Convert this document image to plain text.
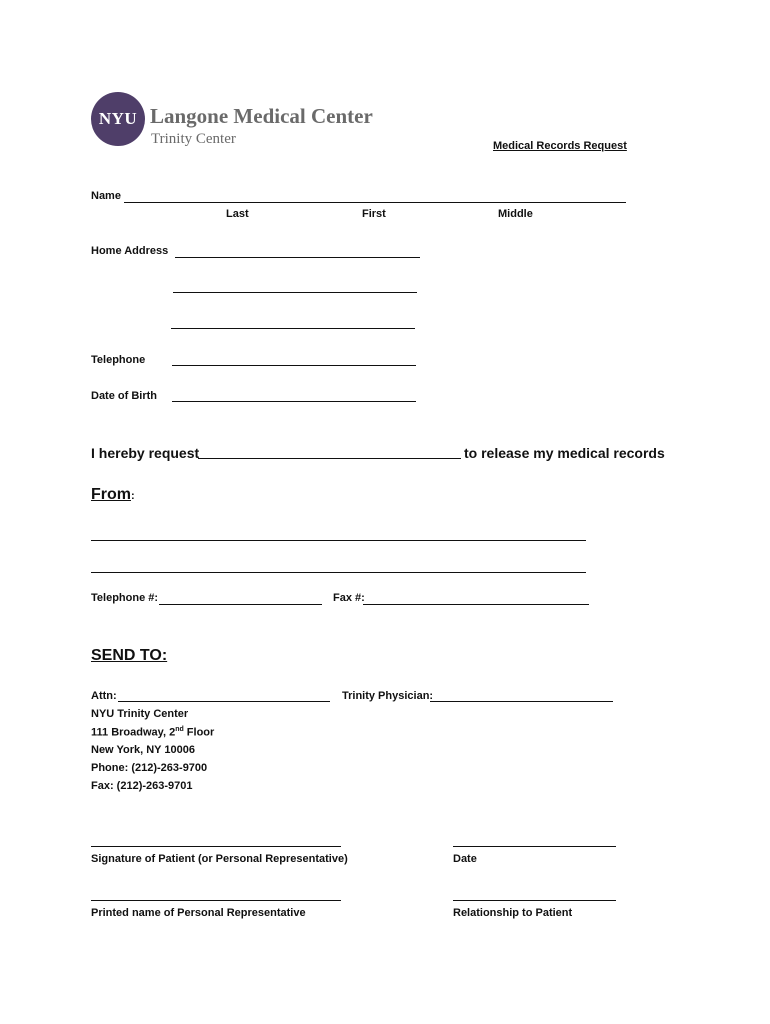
NYU Langone Medical Center
Trinity Center	Medical Records Request
Name
Last	First	Middle
Home Address
Telephone
Date of Birth
I hereby request	to release my medical records
From:
Telephone #:	Fax #:
SEND TO:
Attn:	Trinity Physician:
NYU Trinity Center
111 Broadway, 2nd Floor
New York, NY 10006
Phone: (212)-263-9700
Fax: (212)-263-9701
Signature of Patient (or Personal Representative)	Date
Printed name of Personal Representative	Relationship to Patient
